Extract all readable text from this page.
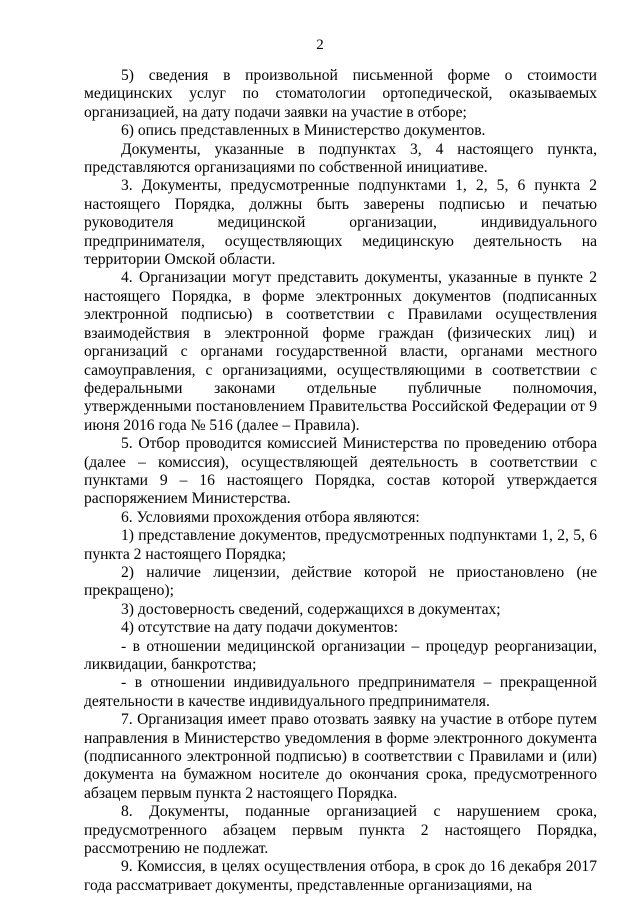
2

5) сведения в произвольной письменной форме о стоимости медицинских услуг по стоматологии ортопедической, оказываемых организацией, на дату подачи заявки на участие в отборе;

6) опись представленных в Министерство документов.

Документы, указанные в подпунктах 3, 4 настоящего пункта, представляются организациями по собственной инициативе.

3. Документы, предусмотренные подпунктами 1, 2, 5, 6 пункта 2 настоящего Порядка, должны быть заверены подписью и печатью руководителя медицинской организации, индивидуального предпринимателя, осуществляющих медицинскую деятельность на территории Омской области.

4. Организации могут представить документы, указанные в пункте 2 настоящего Порядка, в форме электронных документов (подписанных электронной подписью) в соответствии с Правилами осуществления взаимодействия в электронной форме граждан (физических лиц) и организаций с органами государственной власти, органами местного самоуправления, с организациями, осуществляющими в соответствии с федеральными законами отдельные публичные полномочия, утвержденными постановлением Правительства Российской Федерации от 9 июня 2016 года № 516 (далее – Правила).

5. Отбор проводится комиссией Министерства по проведению отбора (далее – комиссия), осуществляющей деятельность в соответствии с пунктами 9 – 16 настоящего Порядка, состав которой утверждается распоряжением Министерства.

6. Условиями прохождения отбора являются:

1) представление документов, предусмотренных подпунктами 1, 2, 5, 6 пункта 2 настоящего Порядка;

2) наличие лицензии, действие которой не приостановлено (не прекращено);

3) достоверность сведений, содержащихся в документах;

4) отсутствие на дату подачи документов:

- в отношении медицинской организации – процедур реорганизации, ликвидации, банкротства;

- в отношении индивидуального предпринимателя – прекращенной деятельности в качестве индивидуального предпринимателя.

7. Организация имеет право отозвать заявку на участие в отборе путем направления в Министерство уведомления в форме электронного документа (подписанного электронной подписью) в соответствии с Правилами и (или) документа на бумажном носителе до окончания срока, предусмотренного абзацем первым пункта 2 настоящего Порядка.

8. Документы, поданные организацией с нарушением срока, предусмотренного абзацем первым пункта 2 настоящего Порядка, рассмотрению не подлежат.

9. Комиссия, в целях осуществления отбора, в срок до 16 декабря 2017 года рассматривает документы, представленные организациями, на
